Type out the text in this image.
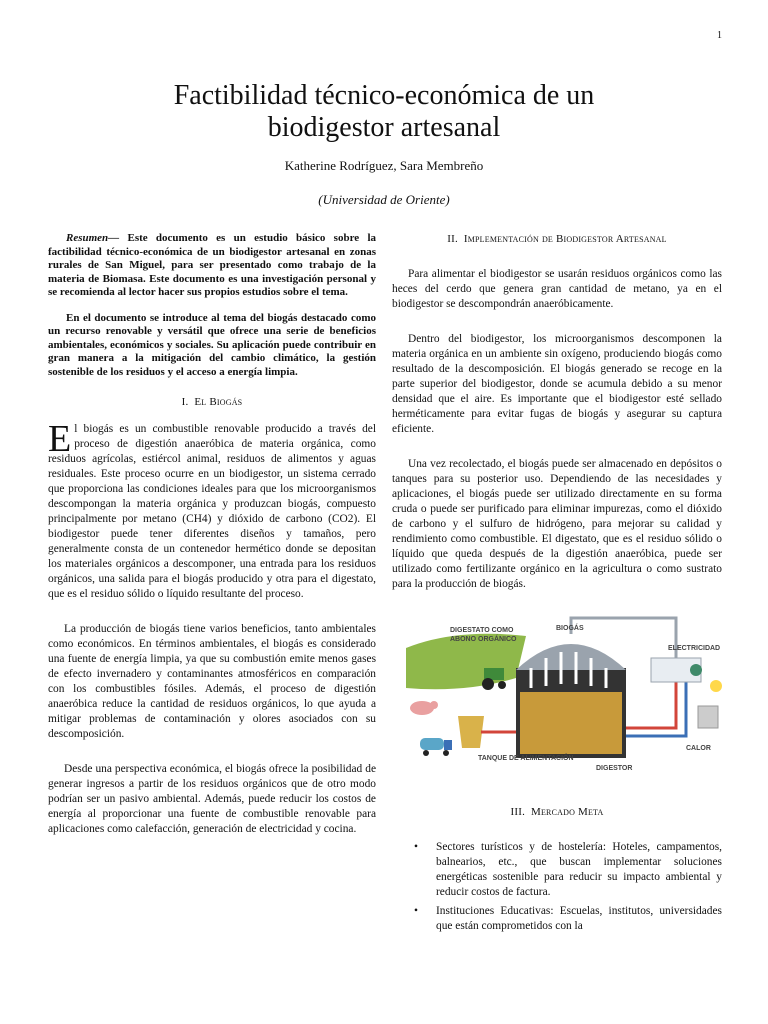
1
Factibilidad técnico-económica de un
biodigestor artesanal
Katherine Rodríguez, Sara Membreño
(Universidad de Oriente)

Resumen— Este documento es un estudio básico sobre la factibilidad técnico-económica de un biodigestor artesanal en zonas rurales de San Miguel, para ser presentado como trabajo de la materia de Biomasa. Este documento es una investigación personal y se recomienda al lector hacer sus propios estudios sobre el tema.

En el documento se introduce al tema del biogás destacado como un recurso renovable y versátil que ofrece una serie de beneficios ambientales, económicos y sociales. Su aplicación puede contribuir en gran manera a la mitigación del cambio climático, la gestión sostenible de los residuos y el acceso a energía limpia.

I. El Biogás

El biogás es un combustible renovable producido a través del proceso de digestión anaeróbica de materia orgánica, como residuos agrícolas, estiércol animal, residuos de alimentos y aguas residuales. Este proceso ocurre en un biodigestor, un sistema cerrado que proporciona las condiciones ideales para que los microorganismos descompongan la materia orgánica y produzcan biogás, compuesto principalmente por metano (CH4) y dióxido de carbono (CO2). El biodigestor puede tener diferentes diseños y tamaños, pero generalmente consta de un contenedor hermético donde se depositan los materiales orgánicos a descomponer, una entrada para los residuos orgánicos, una salida para el biogás producido y otra para el digestato, que es el residuo sólido o líquido resultante del proceso.

La producción de biogás tiene varios beneficios, tanto ambientales como económicos. En términos ambientales, el biogás es considerado una fuente de energía limpia, ya que su combustión emite menos gases de efecto invernadero y contaminantes atmosféricos en comparación con los combustibles fósiles. Además, el proceso de digestión anaeróbica reduce la cantidad de residuos orgánicos, lo que ayuda a mitigar problemas de contaminación y olores asociados con su descomposición.

Desde una perspectiva económica, el biogás ofrece la posibilidad de generar ingresos a partir de los residuos orgánicos que de otro modo podrían ser un pasivo ambiental. Además, puede reducir los costos de energía al proporcionar una fuente de combustible renovable para aplicaciones como calefacción, generación de electricidad y cocina.

II. Implementación de Biodigestor Artesanal

Para alimentar el biodigestor se usarán residuos orgánicos como las heces del cerdo que genera gran cantidad de metano, ya en el biodigestor se descompondrán anaeróbicamente.

Dentro del biodigestor, los microorganismos descomponen la materia orgánica en un ambiente sin oxígeno, produciendo biogás como resultado de la descomposición. El biogás generado se recoge en la parte superior del biodigestor, donde se acumula debido a su menor densidad que el aire. Es importante que el biodigestor esté sellado herméticamente para evitar fugas de biogás y asegurar su captura eficiente.

Una vez recolectado, el biogás puede ser almacenado en depósitos o tanques para su posterior uso. Dependiendo de las necesidades y aplicaciones, el biogás puede ser utilizado directamente en su forma cruda o puede ser purificado para eliminar impurezas, como el dióxido de carbono y el sulfuro de hidrógeno, para mejorar su calidad y rendimiento como combustible. El digestato, que es el residuo sólido o líquido que queda después de la digestión anaeróbica, puede ser utilizado como fertilizante orgánico en la agricultura o como sustrato para la producción de biogás.

DIGESTATO COMO
ABONO ORGÁNICO
BIOGÁS
ELECTRICIDAD
DIGESTOR
TANQUE DE ALIMENTACIÓN
CALOR

III. Mercado Meta

• Sectores turísticos y de hostelería: Hoteles, campamentos, balnearios, etc., que buscan implementar soluciones energéticas sostenible para reducir su impacto ambiental y reducir costos de factura.
• Instituciones Educativas: Escuelas, institutos, universidades que están comprometidos con la
